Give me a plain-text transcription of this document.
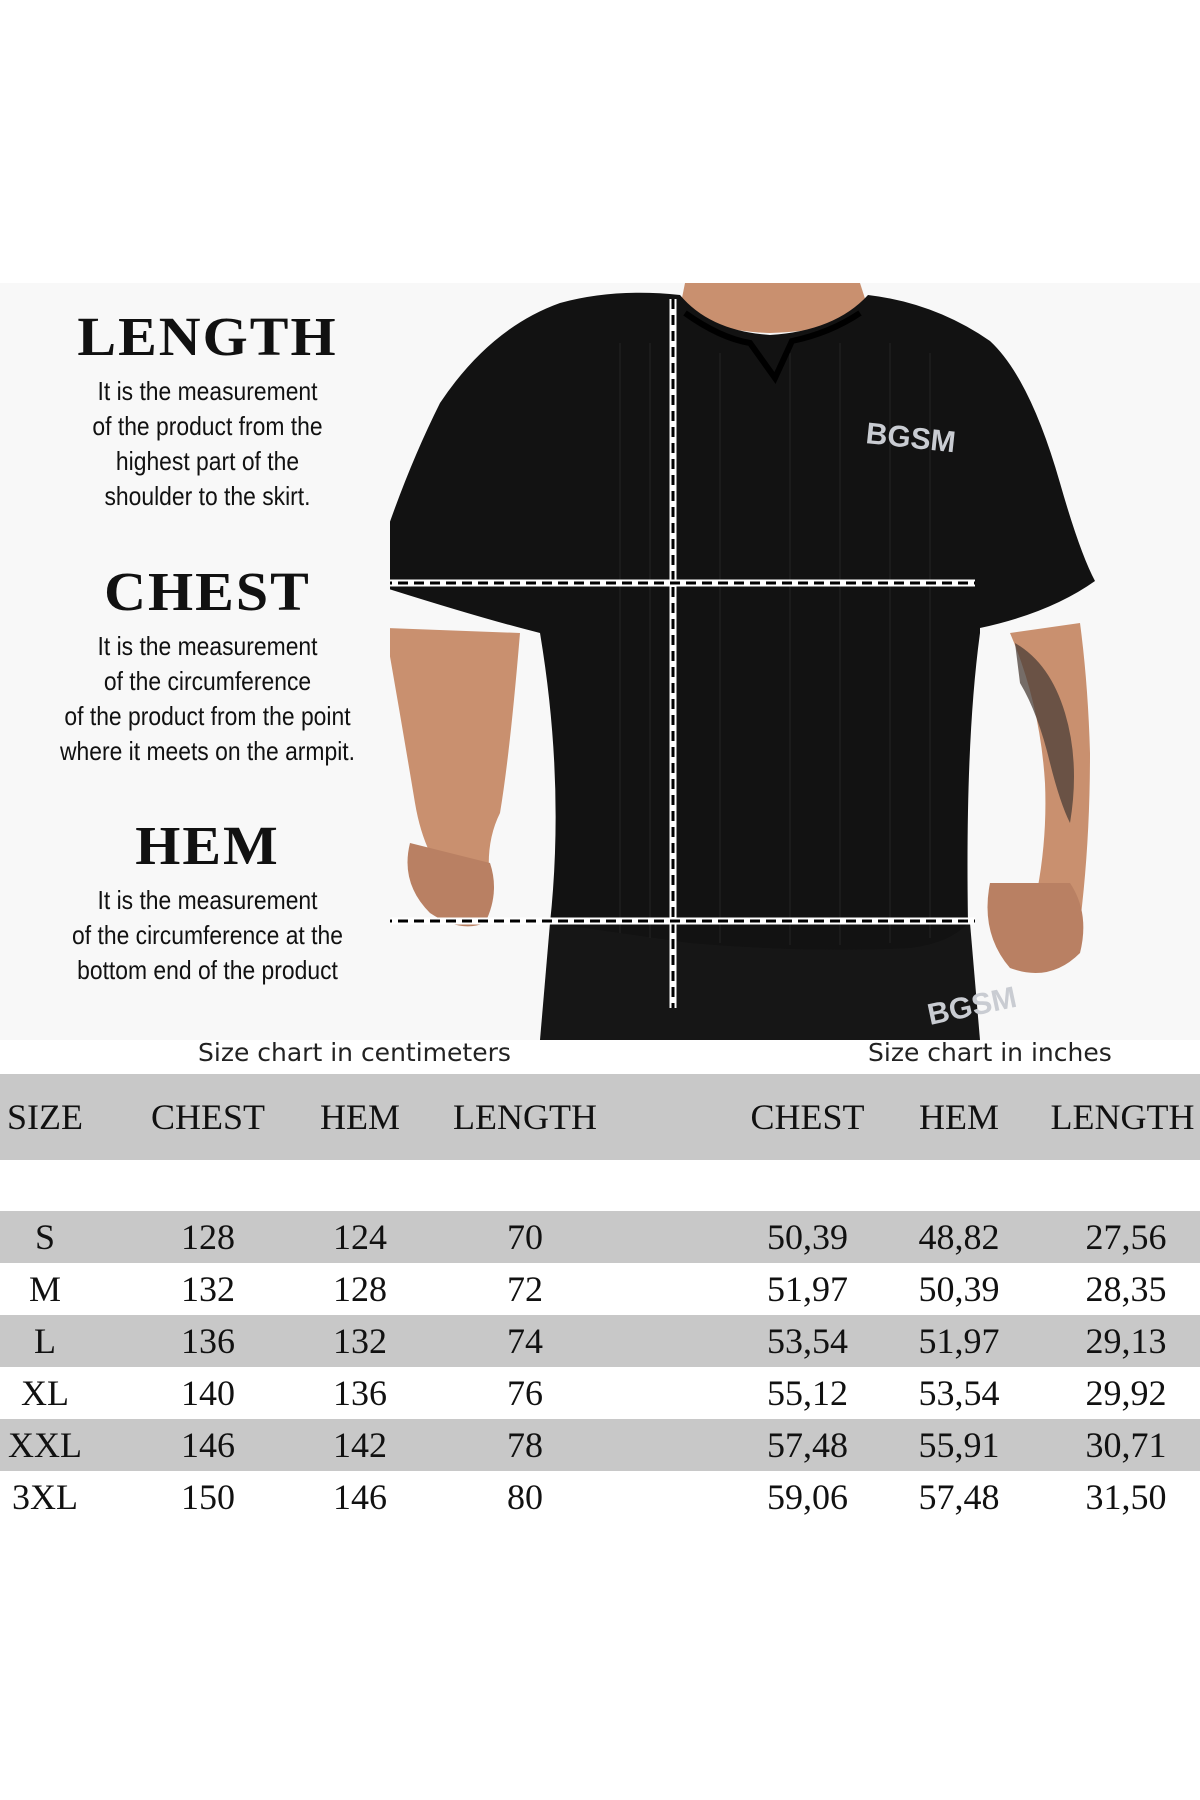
LENGTH
It is the measurement
of the product from the
highest part of the
shoulder to the skirt.
CHEST
It is the measurement
of the circumference
of the product from the point
where it meets on the armpit.
HEM
It is the measurement
of the circumference at the
bottom end of the product
BGSM
BGSM
Size chart in centimeters	Size chart in inches
SIZE CHEST	HEM	LENGTH	CHEST	HEM	LENGTH
S	128	124	70	50,39	48,82	27,56
M	132	128	72	51,97	50,39	28,35
L	136	132	74	53,54	51,97	29,13
XL	140	136	76	55,12	53,54	29,92
XXL	146	142	78	57,48	55,91	30,71
3XL	150	146	80	59,06	57,48	31,50
